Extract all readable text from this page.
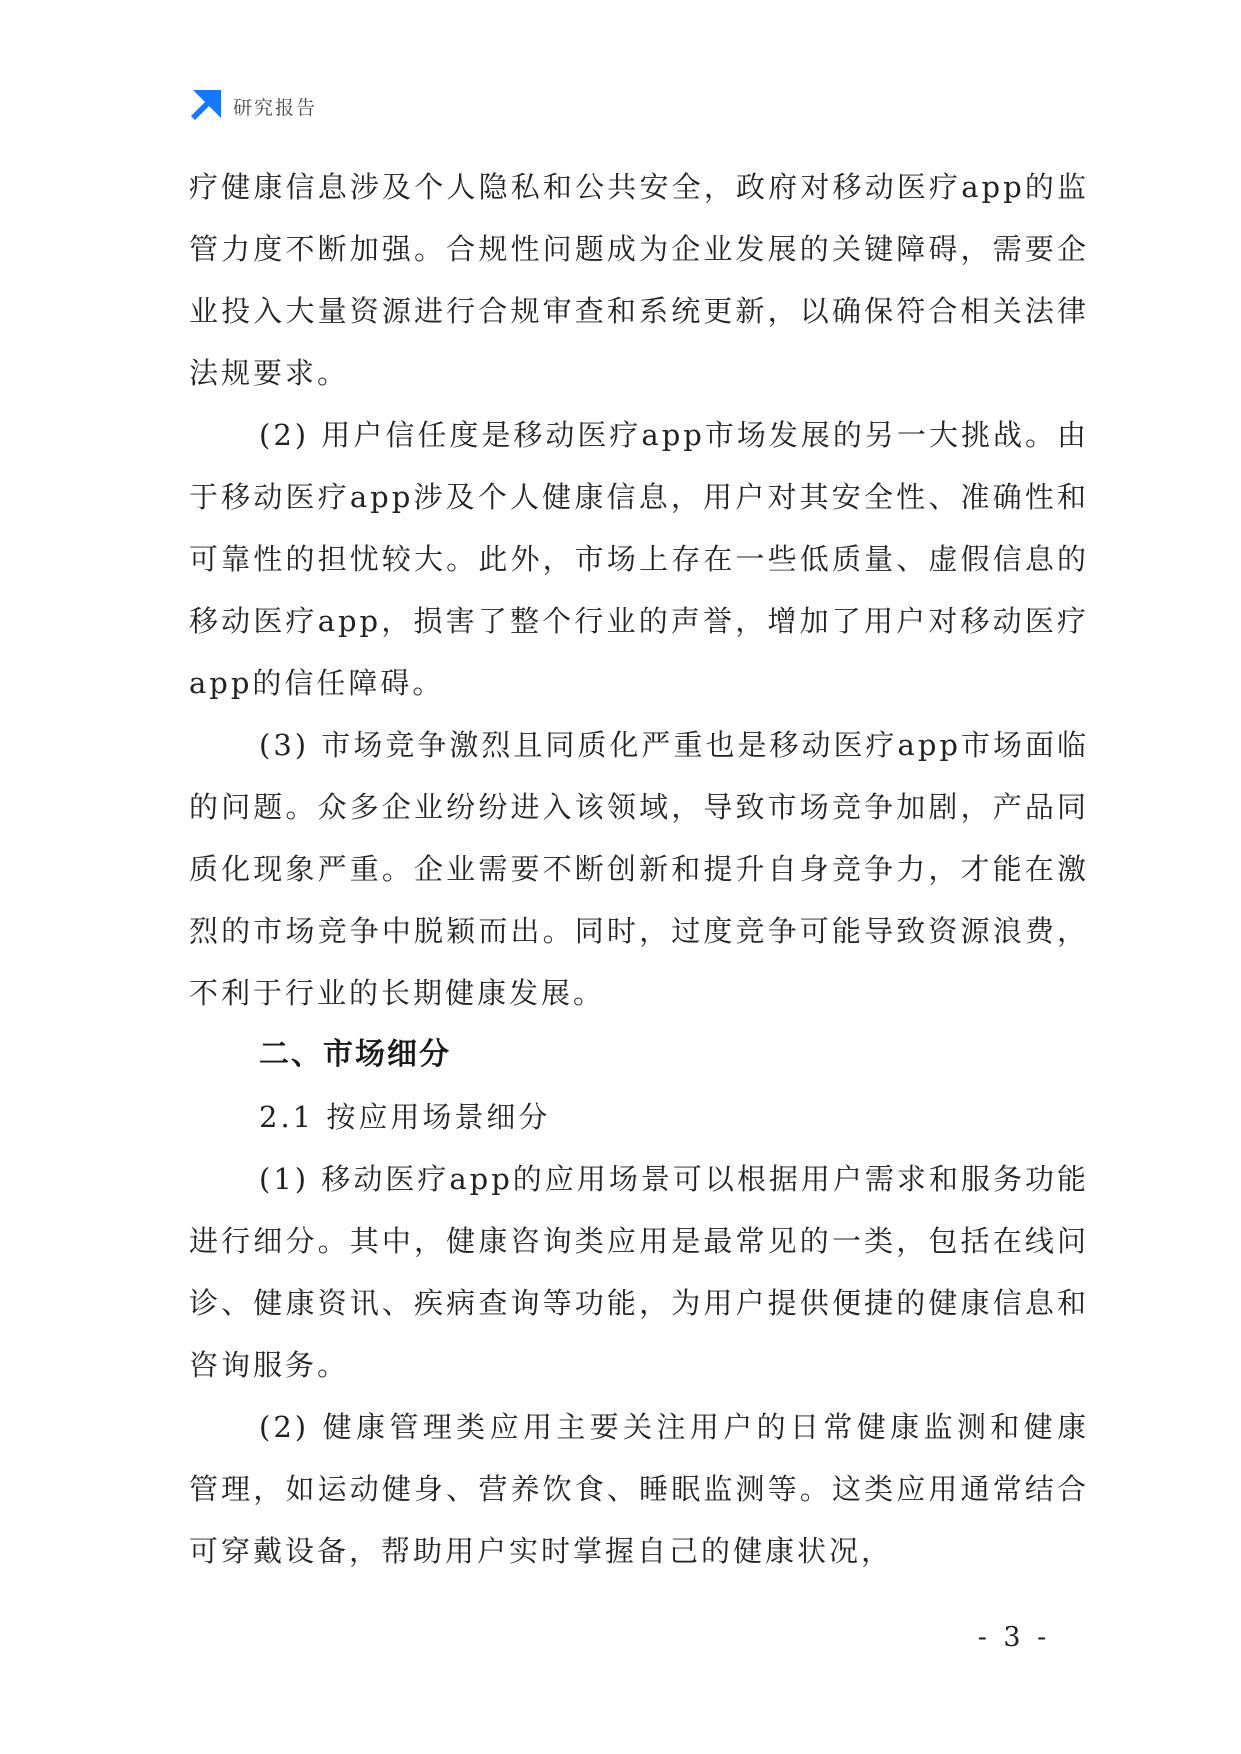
研究报告

疗健康信息涉及个人隐私和公共安全，政府对移动医疗app的监管力度不断加强。合规性问题成为企业发展的关键障碍，需要企业投入大量资源进行合规审查和系统更新，以确保符合相关法律法规要求。

(2) 用户信任度是移动医疗app市场发展的另一大挑战。由于移动医疗app涉及个人健康信息，用户对其安全性、准确性和可靠性的担忧较大。此外，市场上存在一些低质量、虚假信息的移动医疗app，损害了整个行业的声誉，增加了用户对移动医疗app的信任障碍。

(3) 市场竞争激烈且同质化严重也是移动医疗app市场面临的问题。众多企业纷纷进入该领域，导致市场竞争加剧，产品同质化现象严重。企业需要不断创新和提升自身竞争力，才能在激烈的市场竞争中脱颖而出。同时，过度竞争可能导致资源浪费，不利于行业的长期健康发展。

二、市场细分

2.1 按应用场景细分

(1) 移动医疗app的应用场景可以根据用户需求和服务功能进行细分。其中，健康咨询类应用是最常见的一类，包括在线问诊、健康资讯、疾病查询等功能，为用户提供便捷的健康信息和咨询服务。

(2) 健康管理类应用主要关注用户的日常健康监测和健康管理，如运动健身、营养饮食、睡眠监测等。这类应用通常结合可穿戴设备，帮助用户实时掌握自己的健康状况，

- 3 -
